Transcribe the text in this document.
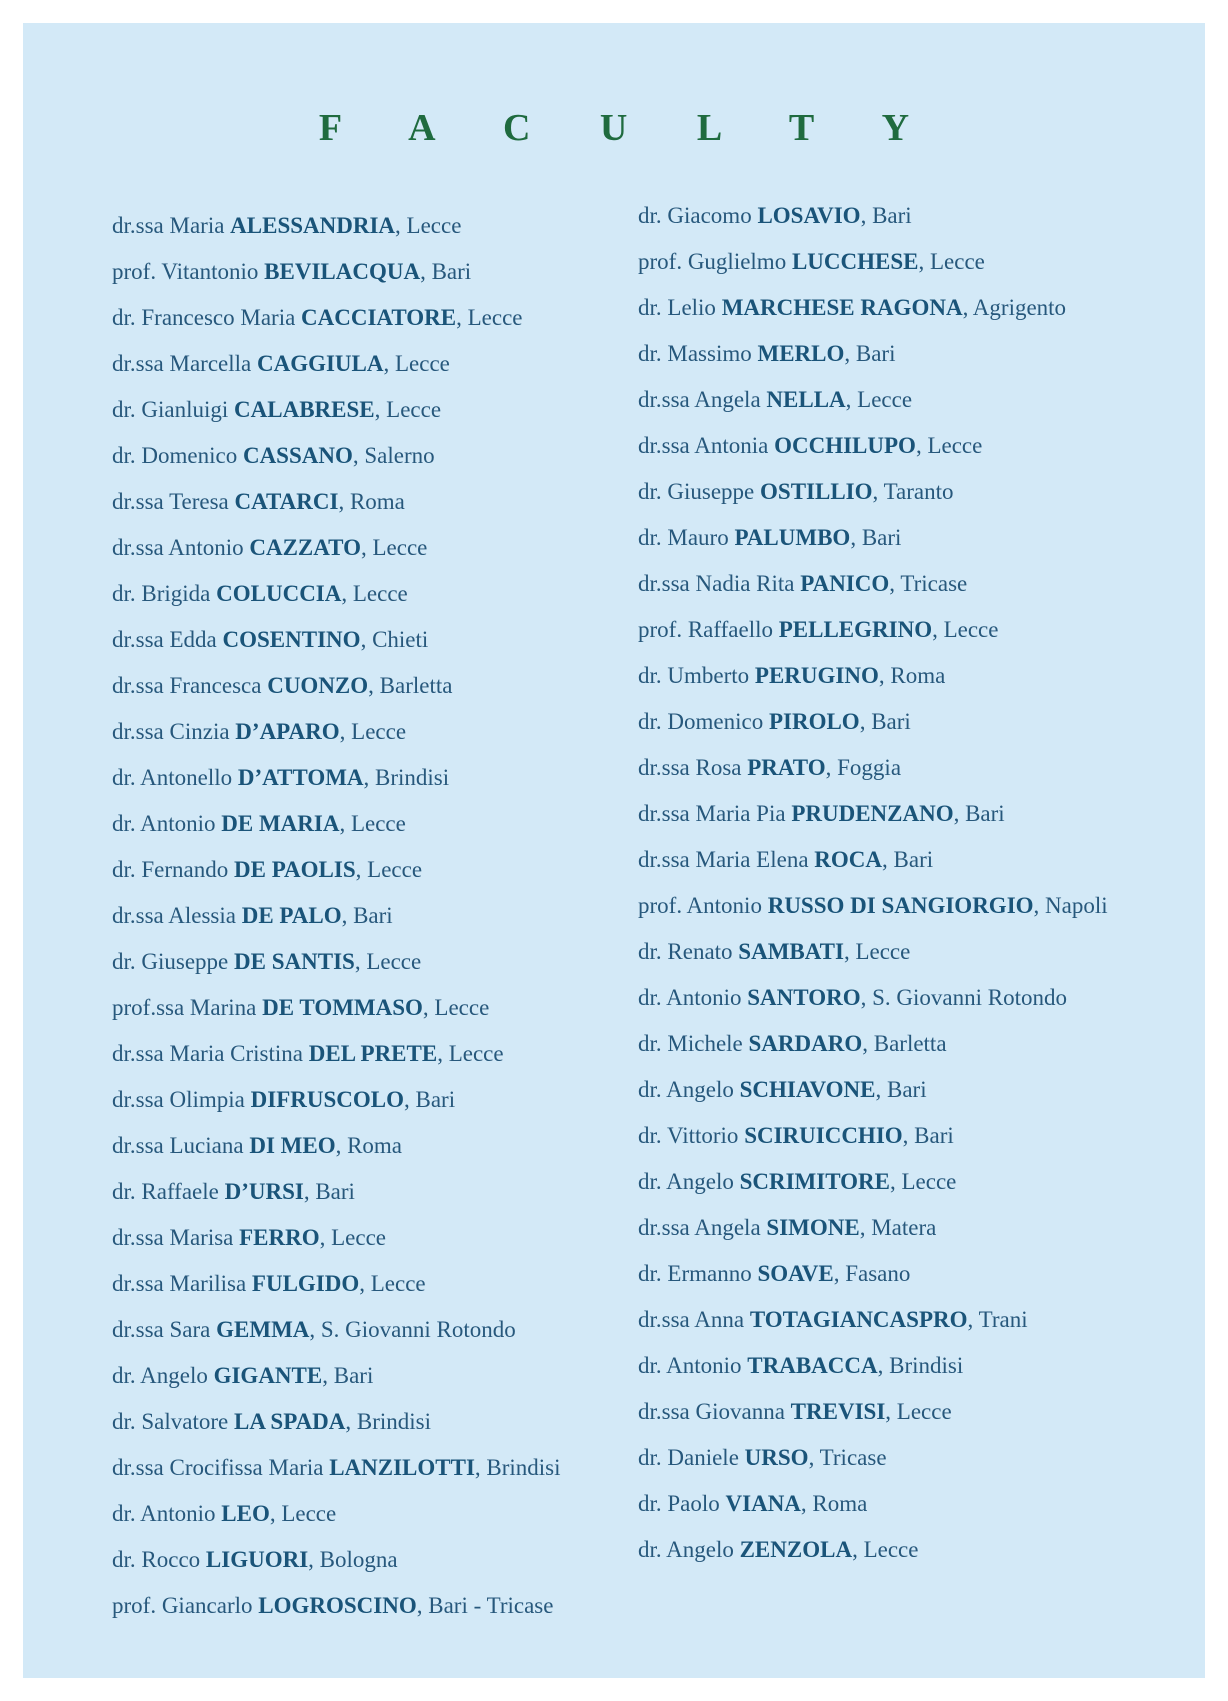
F A C U L T Y
dr.ssa Maria ALESSANDRIA, Lecce
prof. Vitantonio BEVILACQUA, Bari
dr. Francesco Maria CACCIATORE, Lecce
dr.ssa Marcella CAGGIULA, Lecce
dr. Gianluigi CALABRESE, Lecce
dr. Domenico CASSANO, Salerno
dr.ssa Teresa CATARCI, Roma
dr.ssa Antonio CAZZATO, Lecce
dr. Brigida COLUCCIA, Lecce
dr.ssa Edda COSENTINO, Chieti
dr.ssa Francesca CUONZO, Barletta
dr.ssa Cinzia D’APARO, Lecce
dr. Antonello D’ATTOMA, Brindisi
dr. Antonio DE MARIA, Lecce
dr. Fernando DE PAOLIS, Lecce
dr.ssa Alessia DE PALO, Bari
dr. Giuseppe DE SANTIS, Lecce
prof.ssa Marina DE TOMMASO, Lecce
dr.ssa Maria Cristina DEL PRETE, Lecce
dr.ssa Olimpia DIFRUSCOLO, Bari
dr.ssa Luciana DI MEO, Roma
dr. Raffaele D’URSI, Bari
dr.ssa Marisa FERRO, Lecce
dr.ssa Marilisa FULGIDO, Lecce
dr.ssa Sara GEMMA, S. Giovanni Rotondo
dr. Angelo GIGANTE, Bari
dr. Salvatore LA SPADA, Brindisi
dr.ssa Crocifissa Maria LANZILOTTI, Brindisi
dr. Antonio LEO, Lecce
dr. Rocco LIGUORI, Bologna
prof. Giancarlo LOGROSCINO, Bari - Tricase
dr. Giacomo LOSAVIO, Bari
prof. Guglielmo LUCCHESE, Lecce
dr. Lelio MARCHESE RAGONA, Agrigento
dr. Massimo MERLO, Bari
dr.ssa Angela NELLA, Lecce
dr.ssa Antonia OCCHILUPO, Lecce
dr. Giuseppe OSTILLIO, Taranto
dr. Mauro PALUMBO, Bari
dr.ssa Nadia Rita PANICO, Tricase
prof. Raffaello PELLEGRINO, Lecce
dr. Umberto PERUGINO, Roma
dr. Domenico PIROLO, Bari
dr.ssa Rosa PRATO, Foggia
dr.ssa Maria Pia PRUDENZANO, Bari
dr.ssa Maria Elena ROCA, Bari
prof. Antonio RUSSO DI SANGIORGIO, Napoli
dr. Renato SAMBATI, Lecce
dr. Antonio SANTORO, S. Giovanni Rotondo
dr. Michele SARDARO, Barletta
dr. Angelo SCHIAVONE, Bari
dr. Vittorio SCIRUICCHIO, Bari
dr. Angelo SCRIMITORE, Lecce
dr.ssa Angela SIMONE, Matera
dr. Ermanno SOAVE, Fasano
dr.ssa Anna TOTAGIANCASPRO, Trani
dr. Antonio TRABACCA, Brindisi
dr.ssa Giovanna TREVISI, Lecce
dr. Daniele URSO, Tricase
dr. Paolo VIANA, Roma
dr. Angelo ZENZOLA, Lecce
